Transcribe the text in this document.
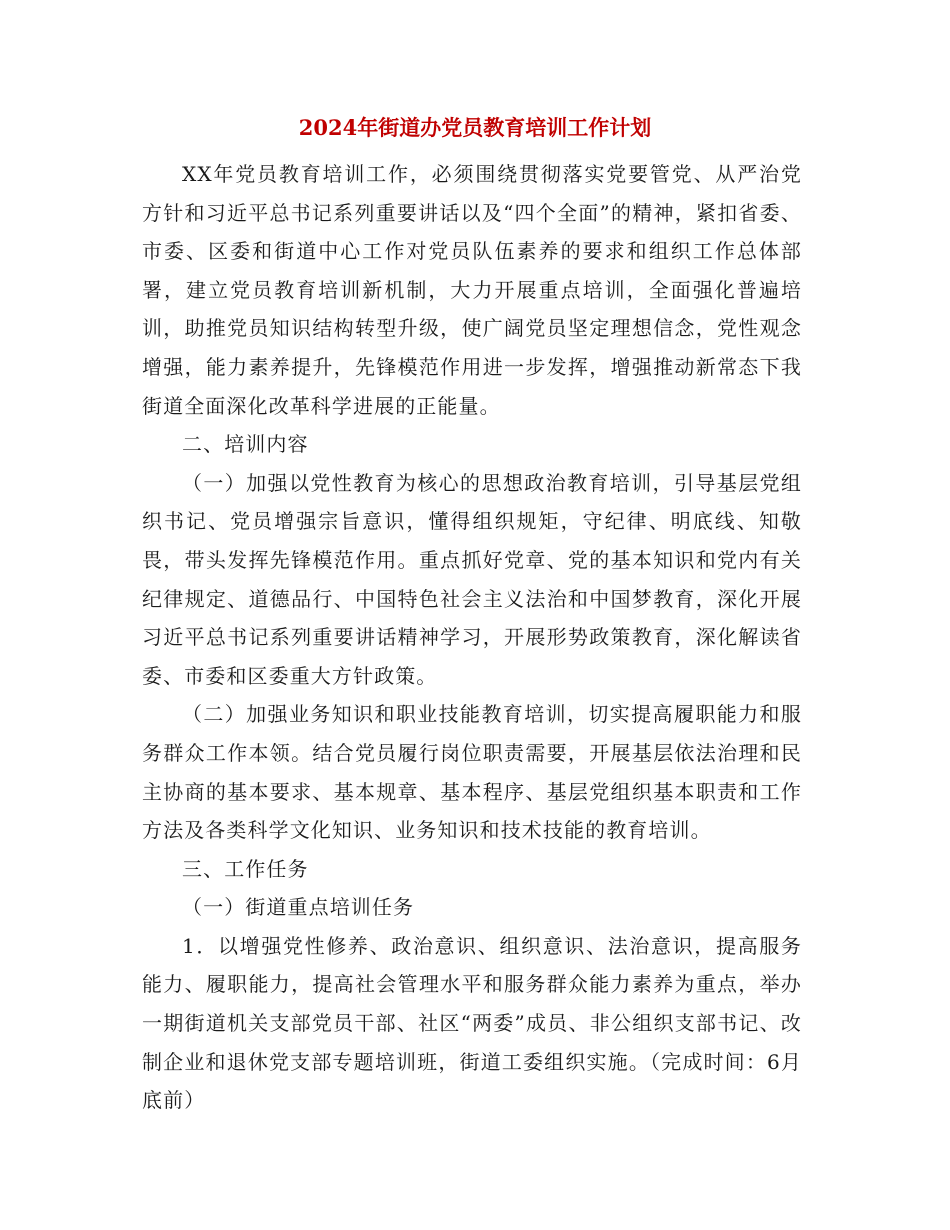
2024年街道办党员教育培训工作计划

XX年党员教育培训工作，必须围绕贯彻落实党要管党、从严治党方针和习近平总书记系列重要讲话以及“四个全面”的精神，紧扣省委、市委、区委和街道中心工作对党员队伍素养的要求和组织工作总体部署，建立党员教育培训新机制，大力开展重点培训，全面强化普遍培训，助推党员知识结构转型升级，使广阔党员坚定理想信念，党性观念增强，能力素养提升，先锋模范作用进一步发挥，增强推动新常态下我街道全面深化改革科学进展的正能量。

二、培训内容

（一）加强以党性教育为核心的思想政治教育培训，引导基层党组织书记、党员增强宗旨意识，懂得组织规矩，守纪律、明底线、知敬畏，带头发挥先锋模范作用。重点抓好党章、党的基本知识和党内有关纪律规定、道德品行、中国特色社会主义法治和中国梦教育，深化开展习近平总书记系列重要讲话精神学习，开展形势政策教育，深化解读省委、市委和区委重大方针政策。

（二）加强业务知识和职业技能教育培训，切实提高履职能力和服务群众工作本领。结合党员履行岗位职责需要，开展基层依法治理和民主协商的基本要求、基本规章、基本程序、基层党组织基本职责和工作方法及各类科学文化知识、业务知识和技术技能的教育培训。

三、工作任务

（一）街道重点培训任务

1．以增强党性修养、政治意识、组织意识、法治意识，提高服务能力、履职能力，提高社会管理水平和服务群众能力素养为重点，举办一期街道机关支部党员干部、社区“两委”成员、非公组织支部书记、改制企业和退休党支部专题培训班，街道工委组织实施。（完成时间：6月底前）
